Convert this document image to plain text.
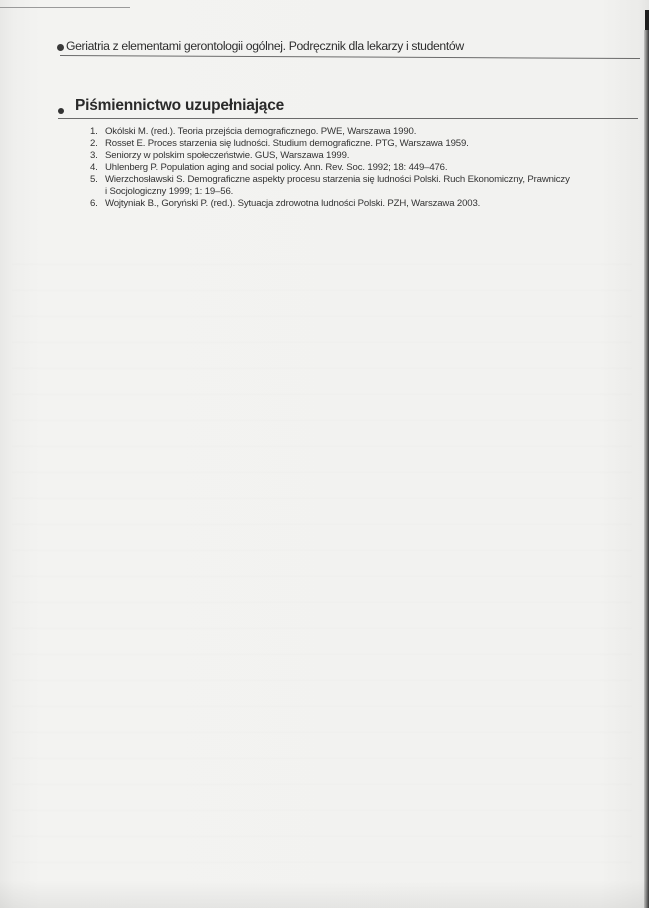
Geriatria z elementami gerontologii ogólnej. Podręcznik dla lekarzy i studentów
Piśmiennictwo uzupełniające
1. Okólski M. (red.). Teoria przejścia demograficznego. PWE, Warszawa 1990.
2. Rosset E. Proces starzenia się ludności. Studium demograficzne. PTG, Warszawa 1959.
3. Seniorzy w polskim społeczeństwie. GUS, Warszawa 1999.
4. Uhlenberg P. Population aging and social policy. Ann. Rev. Soc. 1992; 18: 449–476.
5. Wierzchosławski S. Demograficzne aspekty procesu starzenia się ludności Polski. Ruch Ekonomiczny, Prawniczy
i Socjologiczny 1999; 1: 19–56.
6. Wojtyniak B., Goryński P. (red.). Sytuacja zdrowotna ludności Polski. PZH, Warszawa 2003.
